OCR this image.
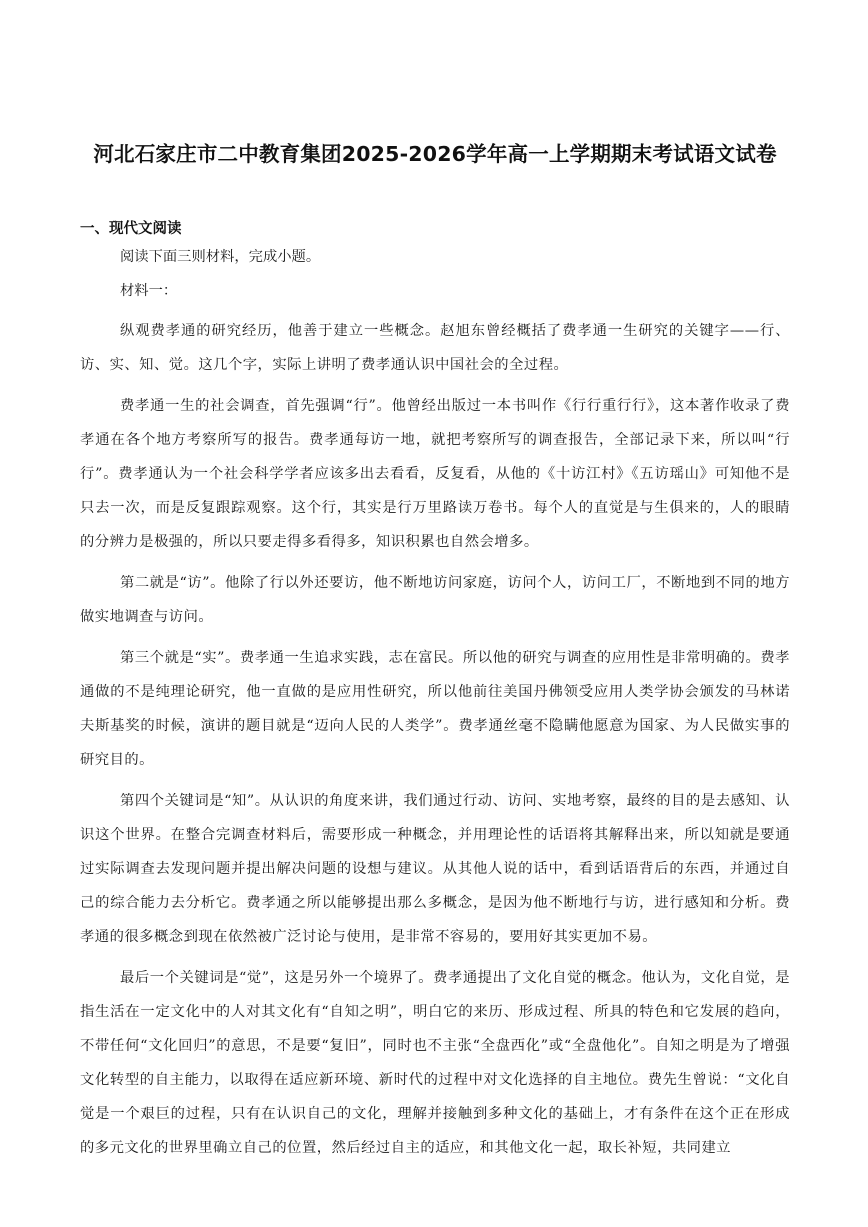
河北石家庄市二中教育集团2025-2026学年高一上学期期末考试语文试卷
一、现代文阅读

阅读下面三则材料，完成小题。

材料一：

纵观费孝通的研究经历，他善于建立一些概念。赵旭东曾经概括了费孝通一生研究的关键字——行、访、实、知、觉。这几个字，实际上讲明了费孝通认识中国社会的全过程。

费孝通一生的社会调查，首先强调“行”。他曾经出版过一本书叫作《行行重行行》，这本著作收录了费孝通在各个地方考察所写的报告。费孝通每访一地，就把考察所写的调查报告，全部记录下来，所以叫“行行”。费孝通认为一个社会科学学者应该多出去看看，反复看，从他的《十访江村》《五访瑶山》可知他不是只去一次，而是反复跟踪观察。这个行，其实是行万里路读万卷书。每个人的直觉是与生俱来的，人的眼睛的分辨力是极强的，所以只要走得多看得多，知识积累也自然会增多。

第二就是“访”。他除了行以外还要访，他不断地访问家庭，访问个人，访问工厂，不断地到不同的地方做实地调查与访问。

第三个就是“实”。费孝通一生追求实践，志在富民。所以他的研究与调查的应用性是非常明确的。费孝通做的不是纯理论研究，他一直做的是应用性研究，所以他前往美国丹佛领受应用人类学协会颁发的马林诺夫斯基奖的时候，演讲的题目就是“迈向人民的人类学”。费孝通丝毫不隐瞒他愿意为国家、为人民做实事的研究目的。

第四个关键词是“知”。从认识的角度来讲，我们通过行动、访问、实地考察，最终的目的是去感知、认识这个世界。在整合完调查材料后，需要形成一种概念，并用理论性的话语将其解释出来，所以知就是要通过实际调查去发现问题并提出解决问题的设想与建议。从其他人说的话中，看到话语背后的东西，并通过自己的综合能力去分析它。费孝通之所以能够提出那么多概念，是因为他不断地行与访，进行感知和分析。费孝通的很多概念到现在依然被广泛讨论与使用，是非常不容易的，要用好其实更加不易。

最后一个关键词是“觉”，这是另外一个境界了。费孝通提出了文化自觉的概念。他认为，文化自觉，是指生活在一定文化中的人对其文化有“自知之明”，明白它的来历、形成过程、所具的特色和它发展的趋向，不带任何“文化回归”的意思，不是要“复旧”，同时也不主张“全盘西化”或“全盘他化”。自知之明是为了增强文化转型的自主能力，以取得在适应新环境、新时代的过程中对文化选择的自主地位。费先生曾说：“文化自觉是一个艰巨的过程，只有在认识自己的文化，理解并接触到多种文化的基础上，才有条件在这个正在形成的多元文化的世界里确立自己的位置，然后经过自主的适应，和其他文化一起，取长补短，共同建立
